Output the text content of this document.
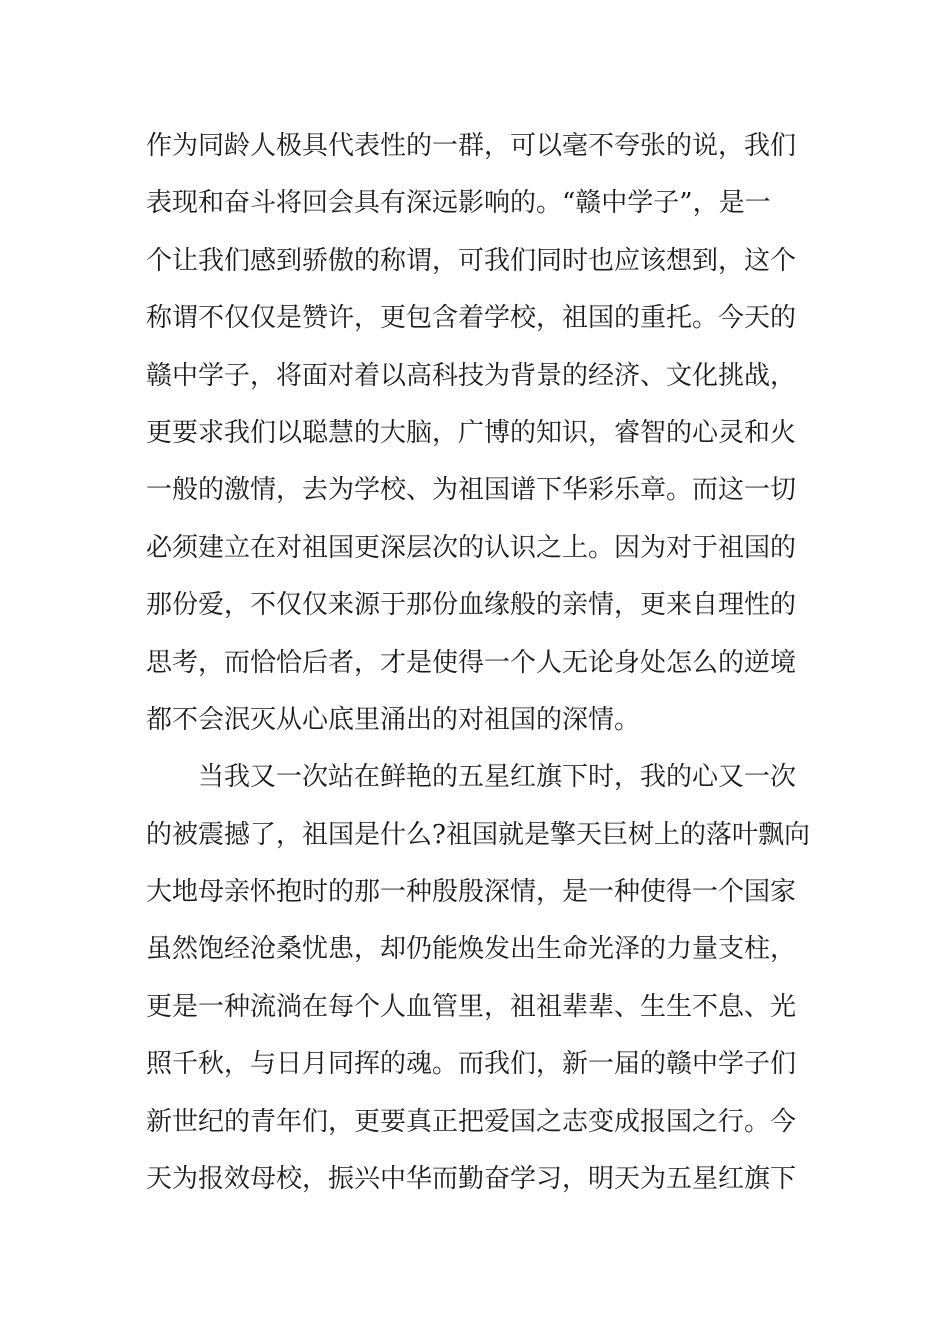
作为同龄人极具代表性的一群，可以毫不夸张的说，我们
表现和奋斗将回会具有深远影响的。“赣中学子”，是一
个让我们感到骄傲的称谓，可我们同时也应该想到，这个
称谓不仅仅是赞许，更包含着学校，祖国的重托。今天的
赣中学子，将面对着以高科技为背景的经济、文化挑战，
更要求我们以聪慧的大脑，广博的知识，睿智的心灵和火
一般的激情，去为学校、为祖国谱下华彩乐章。而这一切
必须建立在对祖国更深层次的认识之上。因为对于祖国的
那份爱，不仅仅来源于那份血缘般的亲情，更来自理性的
思考，而恰恰后者，才是使得一个人无论身处怎么的逆境
都不会泯灭从心底里涌出的对祖国的深情。
当我又一次站在鲜艳的五星红旗下时，我的心又一次
的被震撼了，祖国是什么?祖国就是擎天巨树上的落叶飘向
大地母亲怀抱时的那一种殷殷深情，是一种使得一个国家
虽然饱经沧桑忧患，却仍能焕发出生命光泽的力量支柱，
更是一种流淌在每个人血管里，祖祖辈辈、生生不息、光
照千秋，与日月同挥的魂。而我们，新一届的赣中学子们
新世纪的青年们，更要真正把爱国之志变成报国之行。今
天为报效母校，振兴中华而勤奋学习，明天为五星红旗下
